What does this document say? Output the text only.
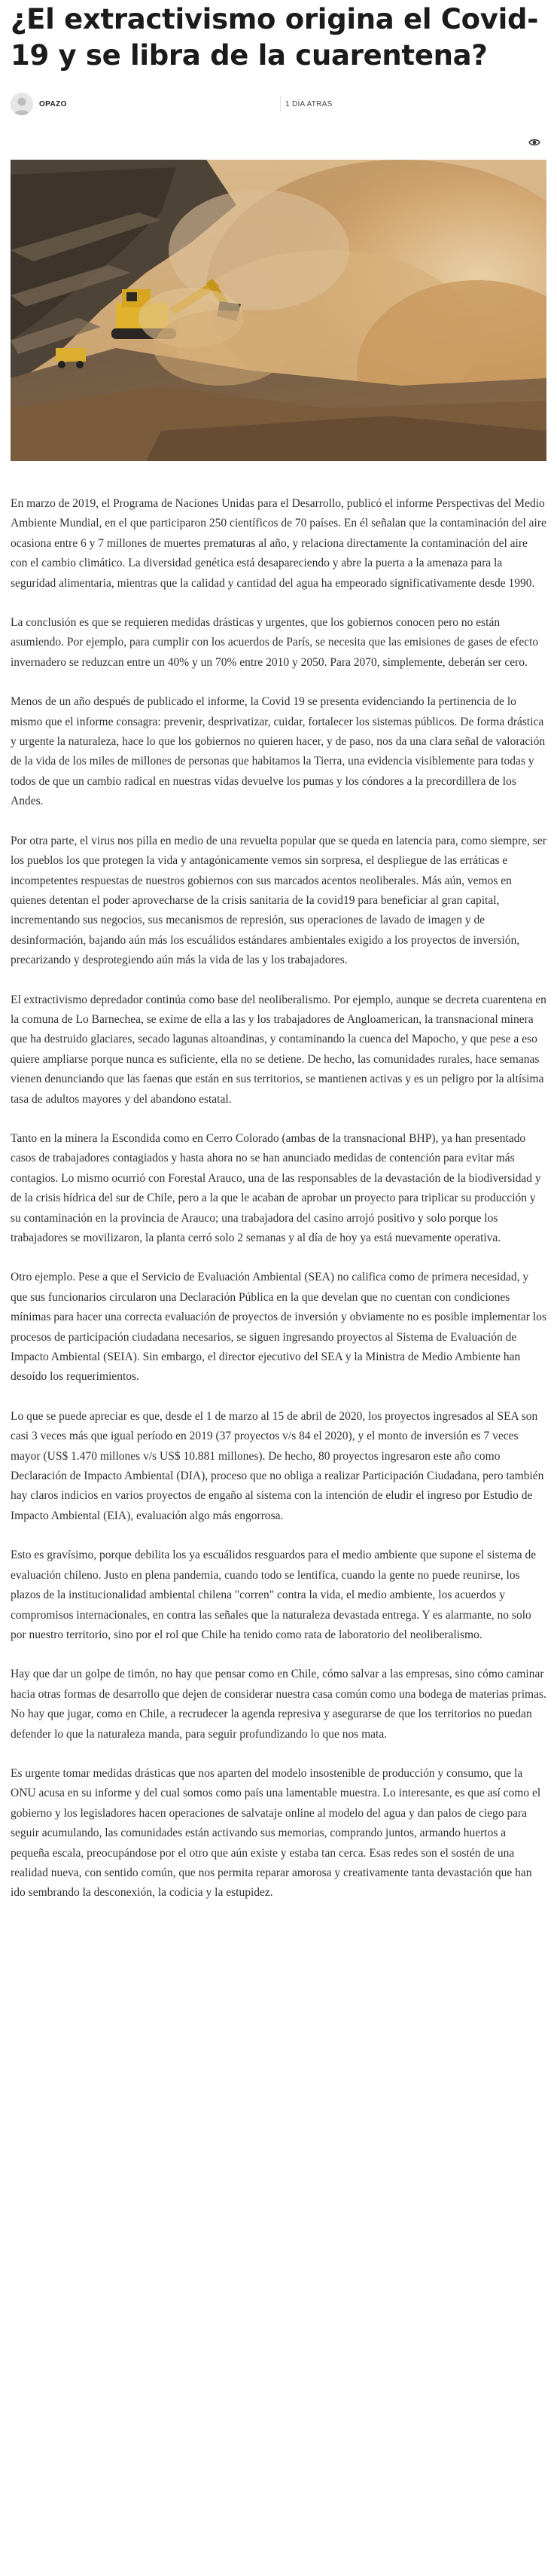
¿El extractivismo origina el Covid-19 y se libra de la cuarentena?
OPAZO	1 DÍA ATRAS

En marzo de 2019, el Programa de Naciones Unidas para el Desarrollo, publicó el informe Perspectivas del Medio Ambiente Mundial, en el que participaron 250 científicos de 70 países. En él señalan que la contaminación del aire ocasiona entre 6 y 7 millones de muertes prematuras al año, y relaciona directamente la contaminación del aire con el cambio climático. La diversidad genética está desapareciendo y abre la puerta a la amenaza para la seguridad alimentaria, mientras que la calidad y cantidad del agua ha empeorado significativamente desde 1990.

La conclusión es que se requieren medidas drásticas y urgentes, que los gobiernos conocen pero no están asumiendo. Por ejemplo, para cumplir con los acuerdos de París, se necesita que las emisiones de gases de efecto invernadero se reduzcan entre un 40% y un 70% entre 2010 y 2050. Para 2070, simplemente, deberán ser cero.

Menos de un año después de publicado el informe, la Covid 19 se presenta evidenciando la pertinencia de lo mismo que el informe consagra: prevenir, desprivatizar, cuidar, fortalecer los sistemas públicos. De forma drástica y urgente la naturaleza, hace lo que los gobiernos no quieren hacer, y de paso, nos da una clara señal de valoración de la vida de los miles de millones de personas que habitamos la Tierra, una evidencia visiblemente para todas y todos de que un cambio radical en nuestras vidas devuelve los pumas y los cóndores a la precordillera de los Andes.

Por otra parte, el virus nos pilla en medio de una revuelta popular que se queda en latencia para, como siempre, ser los pueblos los que protegen la vida y antagónicamente vemos sin sorpresa, el despliegue de las erráticas e incompetentes respuestas de nuestros gobiernos con sus marcados acentos neoliberales. Más aún, vemos en quienes detentan el poder aprovecharse de la crisis sanitaria de la covid19 para beneficiar al gran capital, incrementando sus negocios, sus mecanismos de represión, sus operaciones de lavado de imagen y de desinformación, bajando aún más los escuálidos estándares ambientales exigido a los proyectos de inversión, precarizando y desprotegiendo aún más la vida de las y los trabajadores.

El extractivismo depredador continúa como base del neoliberalismo. Por ejemplo, aunque se decreta cuarentena en la comuna de Lo Barnechea, se exime de ella a las y los trabajadores de Angloamerican, la transnacional minera que ha destruido glaciares, secado lagunas altoandinas, y contaminando la cuenca del Mapocho, y que pese a eso quiere ampliarse porque nunca es suficiente, ella no se detiene. De hecho, las comunidades rurales, hace semanas vienen denunciando que las faenas que están en sus territorios, se mantienen activas y es un peligro por la altísima tasa de adultos mayores y del abandono estatal.

Tanto en la minera la Escondida como en Cerro Colorado (ambas de la transnacional BHP), ya han presentado casos de trabajadores contagiados y hasta ahora no se han anunciado medidas de contención para evitar más contagios. Lo mismo ocurrió con Forestal Arauco, una de las responsables de la devastación de la biodiversidad y de la crisis hídrica del sur de Chile, pero a la que le acaban de aprobar un proyecto para triplicar su producción y su contaminación en la provincia de Arauco; una trabajadora del casino arrojó positivo y solo porque los trabajadores se movilizaron, la planta cerró solo 2 semanas y al día de hoy ya está nuevamente operativa.

Otro ejemplo. Pese a que el Servicio de Evaluación Ambiental (SEA) no califica como de primera necesidad, y que sus funcionarios circularon una Declaración Pública en la que develan que no cuentan con condiciones mínimas para hacer una correcta evaluación de proyectos de inversión y obviamente no es posible implementar los procesos de participación ciudadana necesarios, se siguen ingresando proyectos al Sistema de Evaluación de Impacto Ambiental (SEIA). Sin embargo, el director ejecutivo del SEA y la Ministra de Medio Ambiente han desoído los requerimientos.

Lo que se puede apreciar es que, desde el 1 de marzo al 15 de abril de 2020, los proyectos ingresados al SEA son casi 3 veces más que igual período en 2019 (37 proyectos v/s 84 el 2020), y el monto de inversión es 7 veces mayor (US$ 1.470 millones v/s US$ 10.881 millones). De hecho, 80 proyectos ingresaron este año como Declaración de Impacto Ambiental (DIA), proceso que no obliga a realizar Participación Ciudadana, pero también hay claros indicios en varios proyectos de engaño al sistema con la intención de eludir el ingreso por Estudio de Impacto Ambiental (EIA), evaluación algo más engorrosa.

Esto es gravísimo, porque debilita los ya escuálidos resguardos para el medio ambiente que supone el sistema de evaluación chileno. Justo en plena pandemia, cuando todo se lentifica, cuando la gente no puede reunirse, los plazos de la institucionalidad ambiental chilena "corren" contra la vida, el medio ambiente, los acuerdos y compromisos internacionales, en contra las señales que la naturaleza devastada entrega. Y es alarmante, no solo por nuestro territorio, sino por el rol que Chile ha tenido como rata de laboratorio del neoliberalismo.

Hay que dar un golpe de timón, no hay que pensar como en Chile, cómo salvar a las empresas, sino cómo caminar hacia otras formas de desarrollo que dejen de considerar nuestra casa común como una bodega de materias primas. No hay que jugar, como en Chile, a recrudecer la agenda represiva y asegurarse de que los territorios no puedan defender lo que la naturaleza manda, para seguir profundizando lo que nos mata.

Es urgente tomar medidas drásticas que nos aparten del modelo insostenible de producción y consumo, que la ONU acusa en su informe y del cual somos como país una lamentable muestra. Lo interesante, es que así como el gobierno y los legisladores hacen operaciones de salvataje online al modelo del agua y dan palos de ciego para seguir acumulando, las comunidades están activando sus memorias, comprando juntos, armando huertos a pequeña escala, preocupándose por el otro que aún existe y estaba tan cerca. Esas redes son el sostén de una realidad nueva, con sentido común, que nos permita reparar amorosa y creativamente tanta devastación que han ido sembrando la desconexión, la codicia y la estupidez.
